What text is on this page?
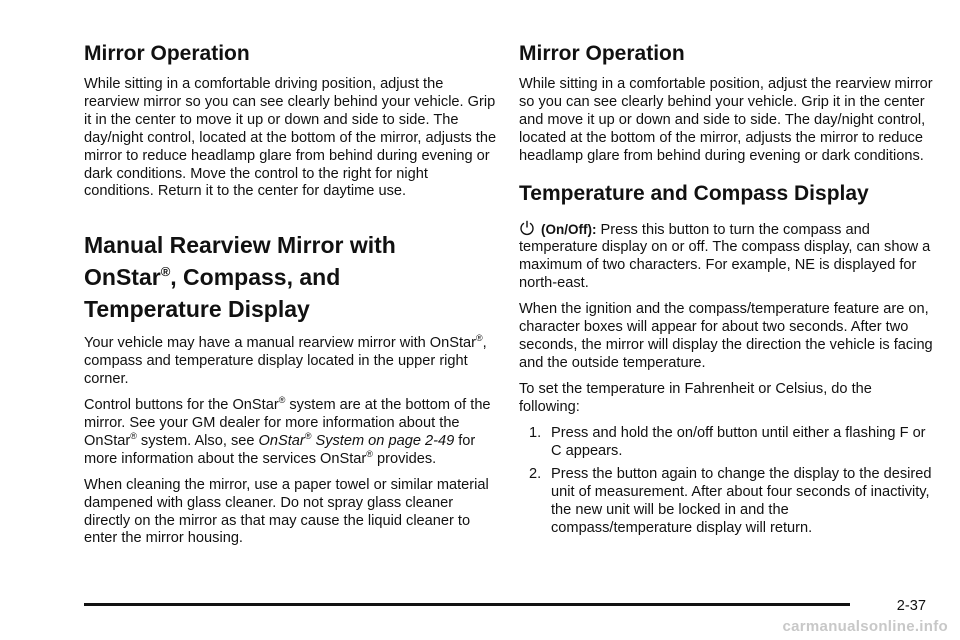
Mirror Operation

While sitting in a comfortable driving position, adjust the rearview mirror so you can see clearly behind your vehicle. Grip it in the center to move it up or down and side to side. The day/night control, located at the bottom of the mirror, adjusts the mirror to reduce headlamp glare from behind during evening or dark conditions. Move the control to the right for night conditions. Return it to the center for daytime use.

Manual Rearview Mirror with
OnStar®, Compass, and
Temperature Display

Your vehicle may have a manual rearview mirror with OnStar®, compass and temperature display located in the upper right corner.

Control buttons for the OnStar® system are at the bottom of the mirror. See your GM dealer for more information about the OnStar® system. Also, see OnStar® System on page 2-49 for more information about the services OnStar® provides.

When cleaning the mirror, use a paper towel or similar material dampened with glass cleaner. Do not spray glass cleaner directly on the mirror as that may cause the liquid cleaner to enter the mirror housing.

Mirror Operation

While sitting in a comfortable position, adjust the rearview mirror so you can see clearly behind your vehicle. Grip it in the center and move it up or down and side to side. The day/night control, located at the bottom of the mirror, adjusts the mirror to reduce headlamp glare from behind during evening or dark conditions.

Temperature and Compass Display

(On/Off): Press this button to turn the compass and temperature display on or off. The compass display, can show a maximum of two characters. For example, NE is displayed for north-east.

When the ignition and the compass/temperature feature are on, character boxes will appear for about two seconds. After two seconds, the mirror will display the direction the vehicle is facing and the outside temperature.

To set the temperature in Fahrenheit or Celsius, do the following:

1. Press and hold the on/off button until either a flashing F or C appears.
2. Press the button again to change the display to the desired unit of measurement. After about four seconds of inactivity, the new unit will be locked in and the compass/temperature display will return.
2-37
carmanualsonline.info
